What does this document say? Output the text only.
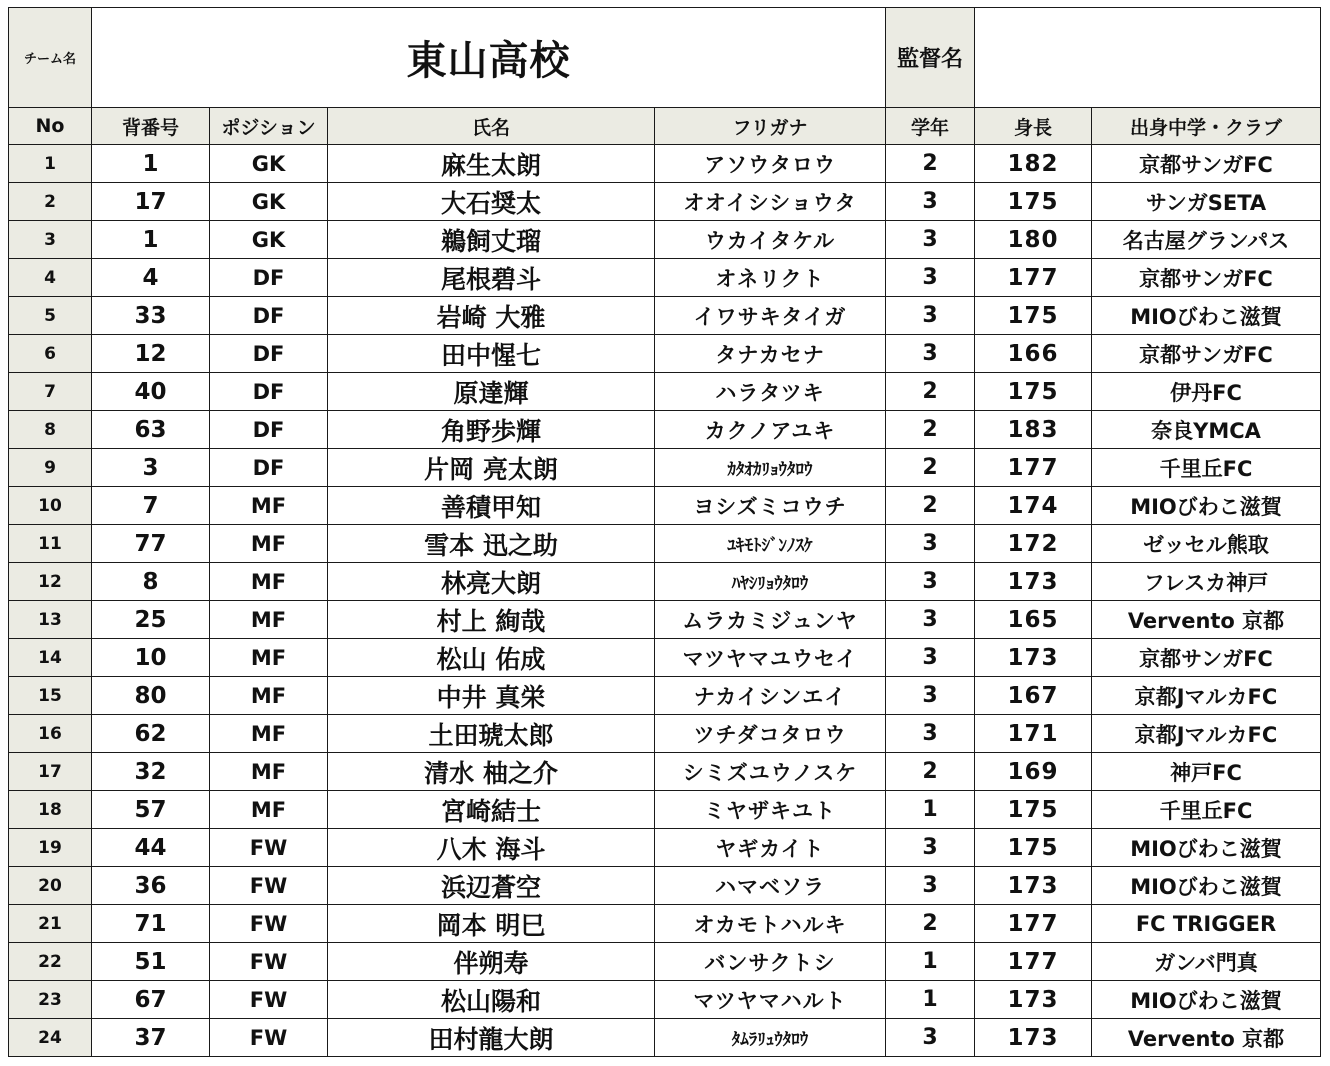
チーム名	東山高校				監督名		
No	背番号	ポジション	氏名	フリガナ	学年	身長	出身中学・クラブ
1	1	GK	麻生太朗	アソウタロウ	2	182	京都サンガFC
2	17	GK	大石奨太	オオイシショウタ	3	175	サンガSETA
3	1	GK	鵜飼丈瑠	ウカイタケル	3	180	名古屋グランパス
4	4	DF	尾根碧斗	オネリクト	3	177	京都サンガFC
5	33	DF	岩崎 大雅	イワサキタイガ	3	175	MIOびわこ滋賀
6	12	DF	田中惺七	タナカセナ	3	166	京都サンガFC
7	40	DF	原達輝	ハラタツキ	2	175	伊丹FC
8	63	DF	角野歩輝	カクノアユキ	2	183	奈良YMCA
9	3	DF	片岡 亮太朗	ｶﾀｵｶﾘｮｳﾀﾛｳ	2	177	千里丘FC
10	7	MF	善積甲知	ヨシズミコウチ	2	174	MIOびわこ滋賀
11	77	MF	雪本 迅之助	ﾕｷﾓﾄｼﾞﾝﾉｽｹ	3	172	ゼッセル熊取
12	8	MF	林亮大朗	ﾊﾔｼﾘｮｳﾀﾛｳ	3	173	フレスカ神戸
13	25	MF	村上 絢哉	ムラカミジュンヤ	3	165	Vervento 京都
14	10	MF	松山 佑成	マツヤマユウセイ	3	173	京都サンガFC
15	80	MF	中井 真栄	ナカイシンエイ	3	167	京都JマルカFC
16	62	MF	土田琥太郎	ツチダコタロウ	3	171	京都JマルカFC
17	32	MF	清水 柚之介	シミズユウノスケ	2	169	神戸FC
18	57	MF	宮崎結士	ミヤザキユト	1	175	千里丘FC
19	44	FW	八木 海斗	ヤギカイト	3	175	MIOびわこ滋賀
20	36	FW	浜辺蒼空	ハマベソラ	3	173	MIOびわこ滋賀
21	71	FW	岡本 明巳	オカモトハルキ	2	177	FC TRIGGER
22	51	FW	伴朔寿	バンサクトシ	1	177	ガンバ門真
23	67	FW	松山陽和	マツヤマハルト	1	173	MIOびわこ滋賀
24	37	FW	田村龍大朗	ﾀﾑﾗﾘｭｳﾀﾛｳ	3	173	Vervento 京都
